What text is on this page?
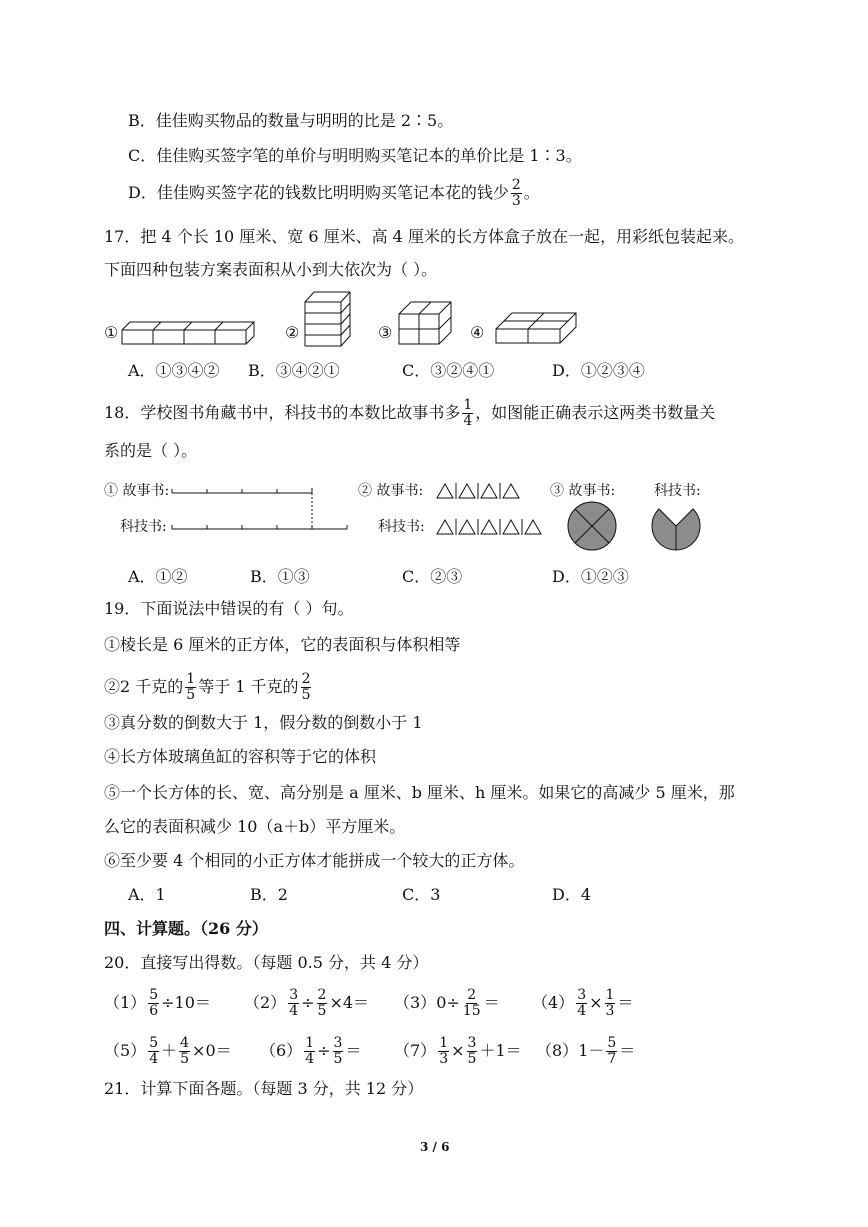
B．佳佳购买物品的数量与明明的比是 2∶5。
C．佳佳购买签字笔的单价与明明购买笔记本的单价比是 1∶3。
D．佳佳购买签字花的钱数比明明购买笔记本花的钱少 $\frac{2}{3}$ 。
17．把 4 个长 10 厘米、宽 6 厘米、高 4 厘米的长方体盒子放在一起，用彩纸包装起来。
下面四种包装方案表面积从小到大依次为（ ）。
①	②	③	④
A．①③④② B．③④②①	C．③②④①	D．①②③④
18．学校图书角藏书中，科技书的本数比故事书多 $\frac{1}{4}$ ，如图能正确表示这两类书数量关
系的是（ ）。
① 故事书:
科技书:
② 故事书:
科技书:
③ 故事书:	科技书:
A．①②	B．①③	C．②③	D．①②③
19．下面说法中错误的有（ ）句。
①棱长是 6 厘米的正方体，它的表面积与体积相等
②2 千克的 $\frac{1}{5}$ 等于 1 千克的 $\frac{2}{5}$
③真分数的倒数大于 1，假分数的倒数小于 1
④长方体玻璃鱼缸的容积等于它的体积
⑤一个长方体的长、宽、高分别是 a 厘米、b 厘米、h 厘米。如果它的高减少 5 厘米，那
么它的表面积减少 10（a＋b）平方厘米。
⑥至少要 4 个相同的小正方体才能拼成一个较大的正方体。
A．1	B．2	C．3	D．4
四、计算题。（26 分）
20．直接写出得数。（每题 0.5 分，共 4 分）
$(1) \frac{5}{6} \div 10= (2) \frac{3}{4} \div \frac{2}{5} \times 4= (3)0\div \frac{2}{15} = (4) \frac{3}{4} \times \frac{1}{3}$ ＝
$(5) \frac{5}{4} + \frac{4}{5} \times 0= (6) \frac{1}{4} \div \frac{3}{5} = (7) \frac{1}{3} \times \frac{3}{5} +1= (8)1- \frac{5}{7}$ ＝
21．计算下面各题。（每题 3 分，共 12 分）
3 / 6
